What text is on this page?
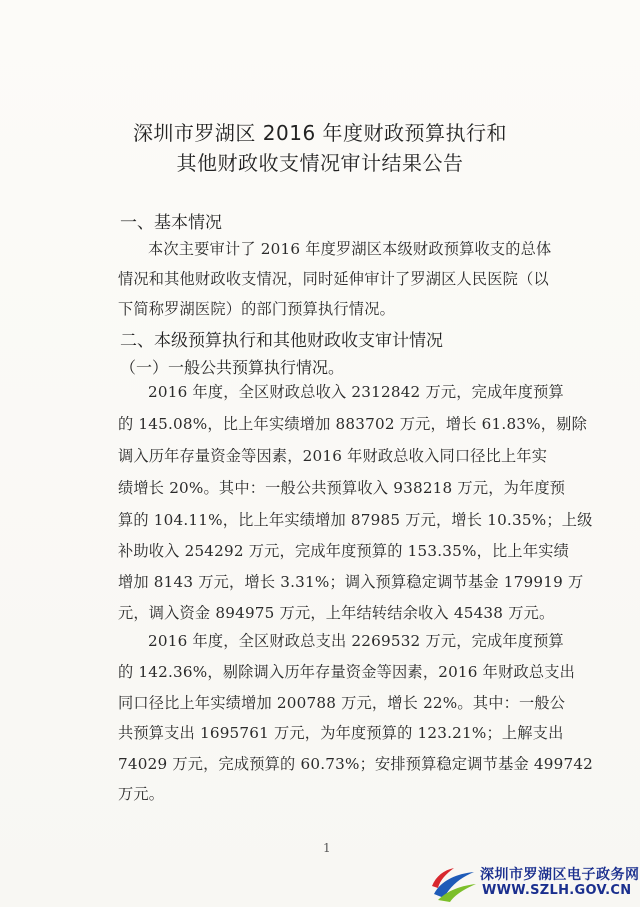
深圳市罗湖区 2016 年度财政预算执行和
其他财政收支情况审计结果公告
一、基本情况
本次主要审计了 2016 年度罗湖区本级财政预算收支的总体
情况和其他财政收支情况，同时延伸审计了罗湖区人民医院（以
下简称罗湖医院）的部门预算执行情况。
二、本级预算执行和其他财政收支审计情况
（一）一般公共预算执行情况。
2016 年度，全区财政总收入 2312842 万元，完成年度预算
的 145.08%，比上年实绩增加 883702 万元，增长 61.83%，剔除
调入历年存量资金等因素，2016 年财政总收入同口径比上年实
绩增长 20%。其中：一般公共预算收入 938218 万元，为年度预
算的 104.11%，比上年实绩增加 87985 万元，增长 10.35%；上级
补助收入 254292 万元，完成年度预算的 153.35%，比上年实绩
增加 8143 万元，增长 3.31%；调入预算稳定调节基金 179919 万
元，调入资金 894975 万元，上年结转结余收入 45438 万元。
2016 年度，全区财政总支出 2269532 万元，完成年度预算
的 142.36%，剔除调入历年存量资金等因素，2016 年财政总支出
同口径比上年实绩增加 200788 万元，增长 22%。其中：一般公
共预算支出 1695761 万元，为年度预算的 123.21%；上解支出
74029 万元，完成预算的 60.73%；安排预算稳定调节基金 499742
万元。
1
深圳市罗湖区电子政务网
WWW.SZLH.GOV.CN
